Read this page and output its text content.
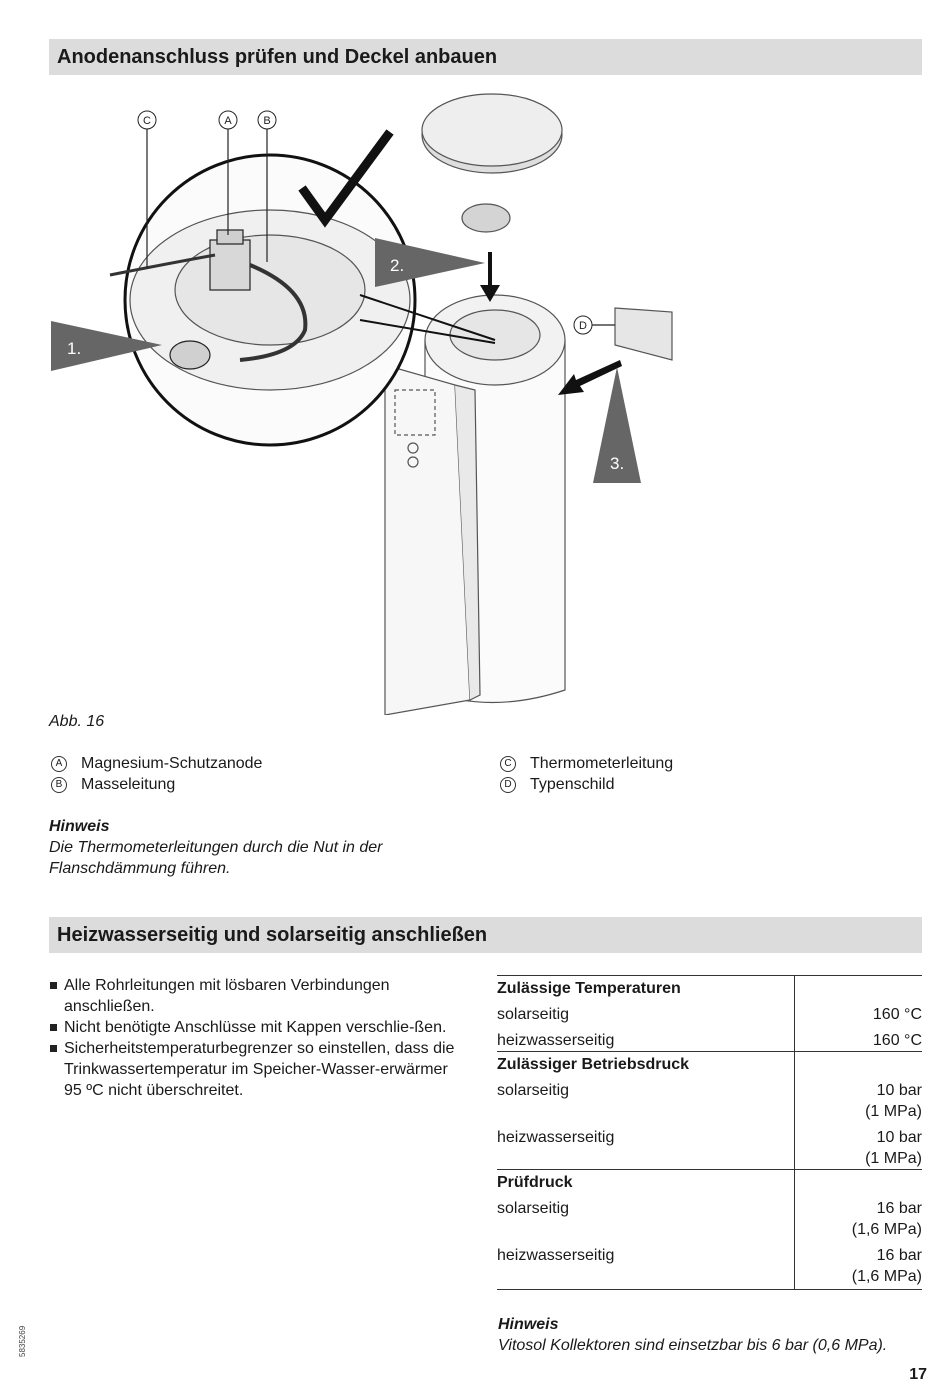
Anodenanschluss prüfen und Deckel anbauen
1.
2.
3.
C	A	B
D
Abb. 16
A Magnesium-Schutzanode
B Masseleitung
C Thermometerleitung
D Typenschild
Hinweis
Die Thermometerleitungen durch die Nut in der Flanschdämmung führen.
Heizwasserseitig und solarseitig anschließen
Alle Rohrleitungen mit lösbaren Verbindungen anschließen.
Nicht benötigte Anschlüsse mit Kappen verschlie-ßen.
Sicherheitstemperaturbegrenzer so einstellen, dass die Trinkwassertemperatur im Speicher-Wasser-erwärmer 95 ºC nicht überschreitet.
Zulässige Temperaturen	
solarseitig	160 °C
heizwasserseitig	160 °C
Zulässiger Betriebsdruck	
solarseitig	10 bar
(1 MPa)
heizwasserseitig	10 bar
(1 MPa)
Prüfdruck	
solarseitig	16 bar
(1,6 MPa)
heizwasserseitig	16 bar
(1,6 MPa)
Hinweis
Vitosol Kollektoren sind einsetzbar bis 6 bar (0,6 MPa).
5835269
17
